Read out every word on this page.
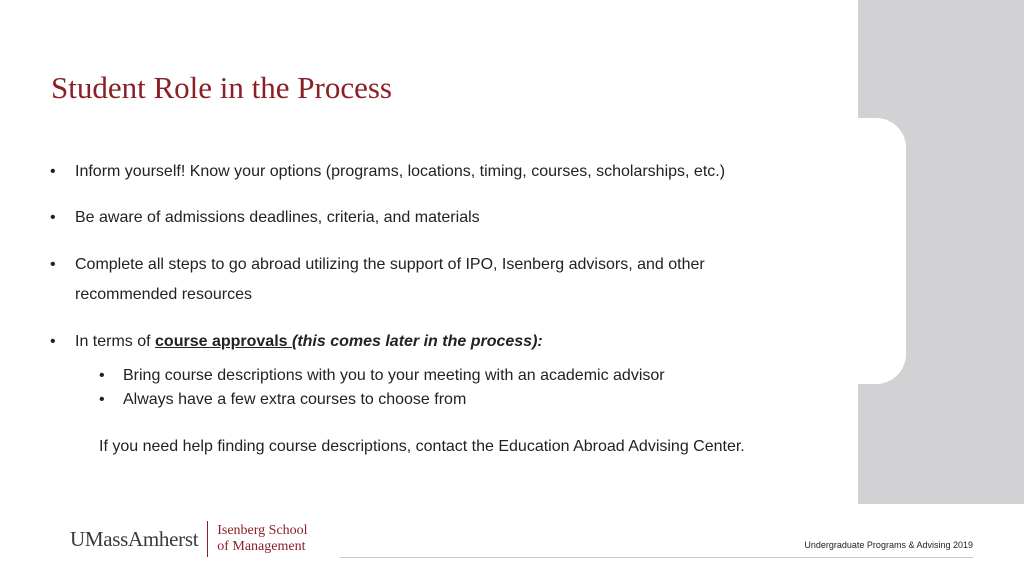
Student Role in the Process
• Inform yourself! Know your options (programs, locations, timing, courses, scholarships, etc.)
• Be aware of admissions deadlines, criteria, and materials
• Complete all steps to go abroad utilizing the support of IPO, Isenberg advisors, and other recommended resources
• In terms of course approvals (this comes later in the process):
• Bring course descriptions with you to your meeting with an academic advisor
• Always have a few extra courses to choose from
If you need help finding course descriptions, contact the Education Abroad Advising Center.
UMassAmherst Isenberg School
of Management	Undergraduate Programs & Advising 2019
